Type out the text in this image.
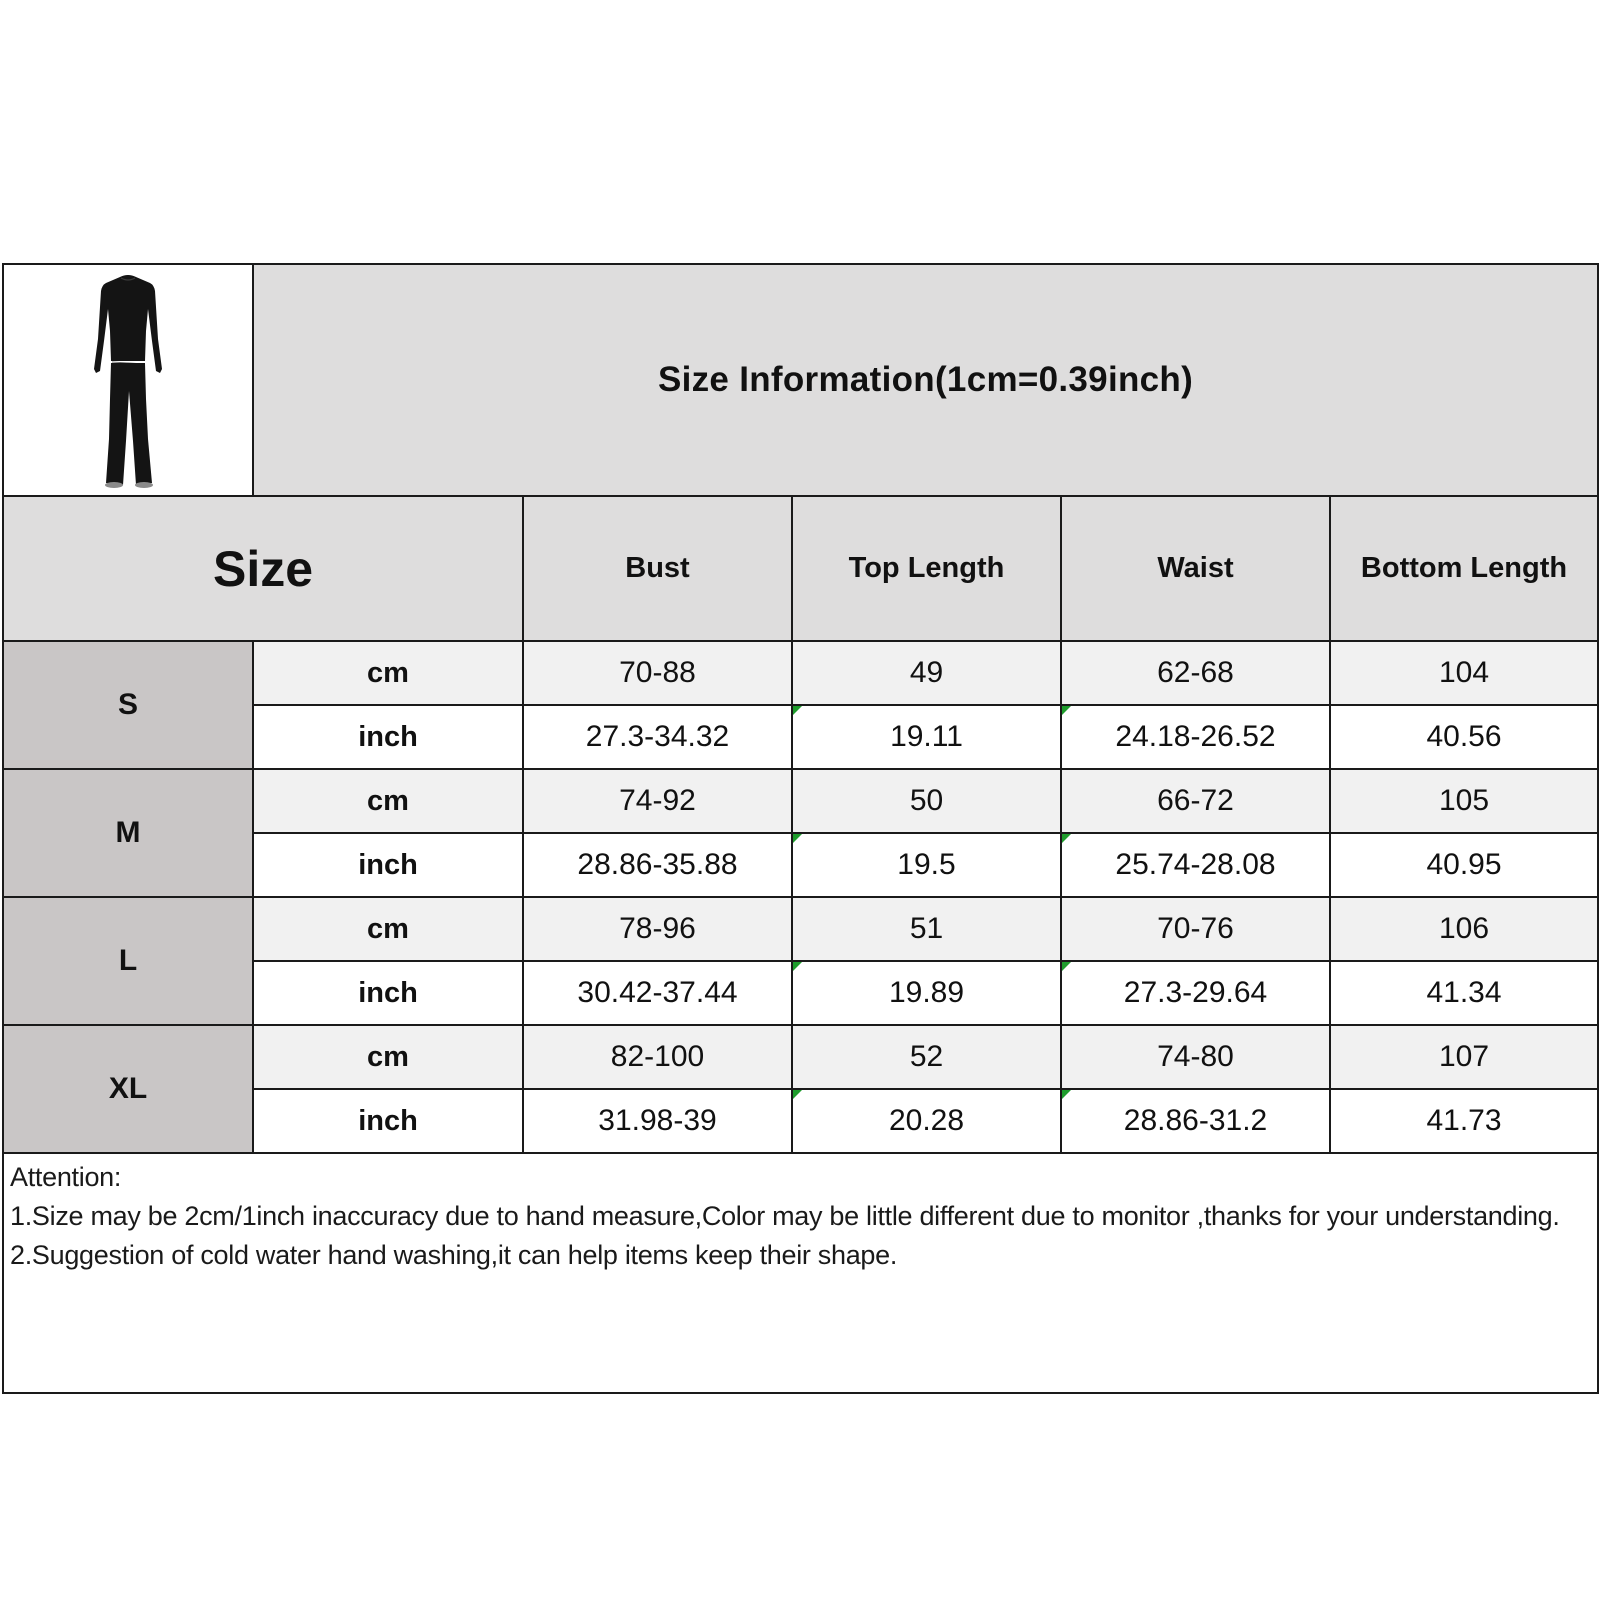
Size Information(1cm=0.39inch)
Size	Bust	Top Length	Waist	Bottom Length
S
cm	70-88	49	62-68	104
inch	27.3-34.32	19.11	24.18-26.52	40.56
M
cm	74-92	50	66-72	105
inch	28.86-35.88	19.5	25.74-28.08	40.95
L
cm	78-96	51	70-76	106
inch	30.42-37.44	19.89	27.3-29.64	41.34
XL
cm	82-100	52	74-80	107
inch	31.98-39	20.28	28.86-31.2	41.73
Attention:
1.Size may be 2cm/1inch inaccuracy due to hand measure,Color may be little different due to monitor ,thanks for your understanding.
2.Suggestion of cold water hand washing,it can help items keep their shape.
